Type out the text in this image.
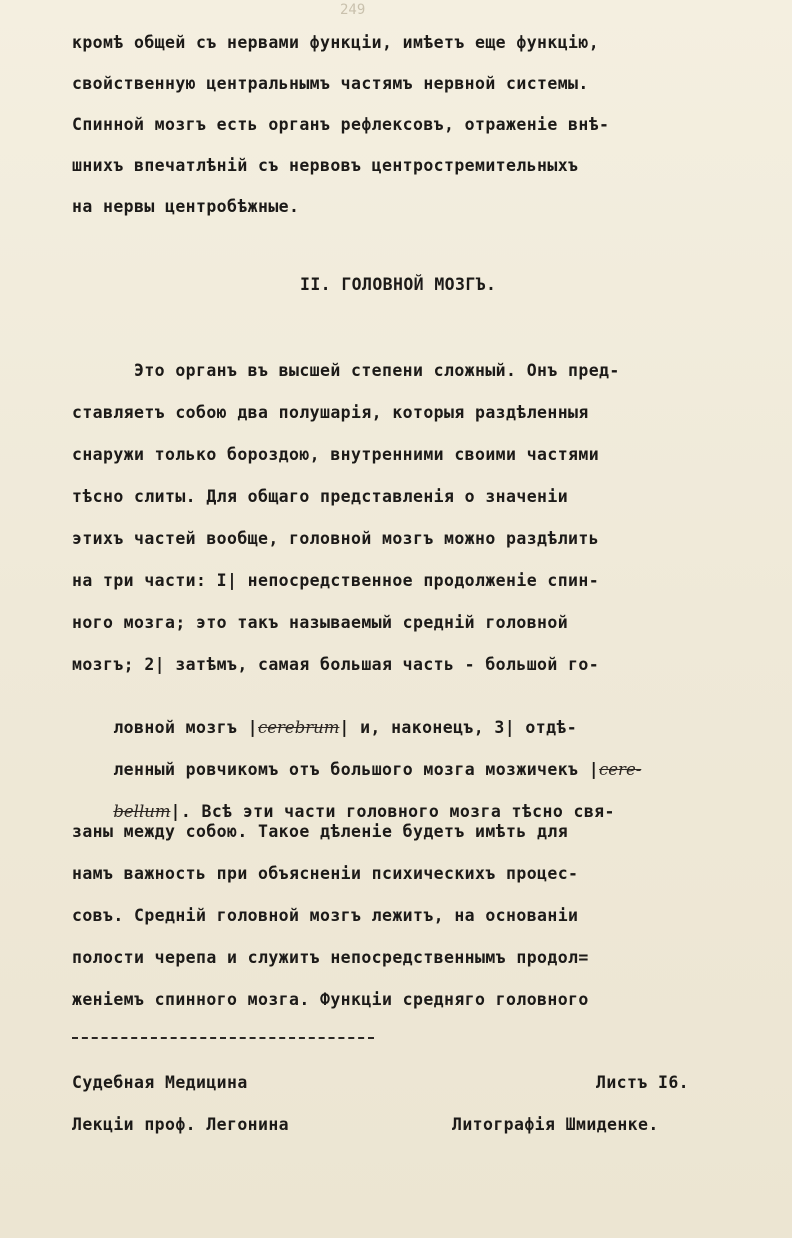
249
кромѣ общей съ нервами функцiи, имѣетъ еще функцiю,
свойственную центральнымъ частямъ нервной системы.
Спинной мозгъ есть органъ рефлексовъ, отраженiе внѣ-
шнихъ впечатлѣнiй съ нервовъ центростремительныхъ
на нервы центробѣжные.
II. ГОЛОВНОЙ МОЗГЪ.
Это органъ въ высшей степени сложный. Онъ пред-
ставляетъ собою два полушарiя, которыя раздѣленныя
снаружи только бороздою, внутренними своими частями
тѣсно слиты. Для общаго представленiя о значенiи
этихъ частей вообще, головной мозгъ можно раздѣлить
на три части: I| непосредственное продолженiе спин-
ного мозга; это такъ называемый среднiй головной
мозгъ; 2| затѣмъ, самая большая часть - большой го-

ловной мозгъ |cerebrum| и, наконецъ, 3| отдѣ-

ленный ровчикомъ отъ большого мозга мозжичекъ |cere-

bellum|. Всѣ эти части головного мозга тѣсно свя-

заны между собою. Такое дѣленiе будетъ имѣть для
намъ важность при объясненiи психическихъ процес-
совъ. Среднiй головной мозгъ лежитъ, на основанiи
полости черепа и служитъ непосредственнымъ продол=
женiемъ спинного мозга. Функцiи средняго головного
Судебная Медицина	Листъ I6.
Лекцiи проф. Легонина	Литографiя Шмиденке.
